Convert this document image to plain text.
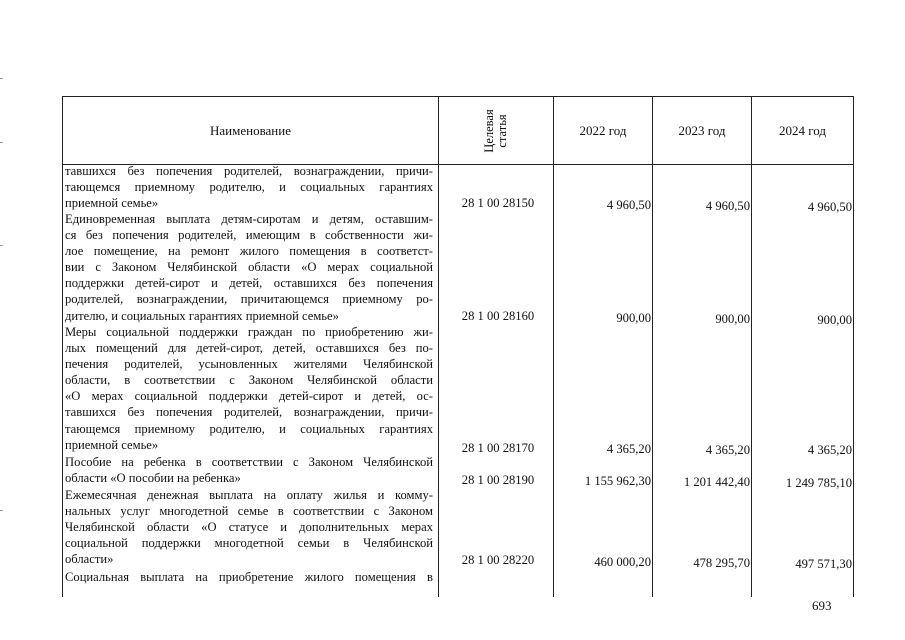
Наименование	Целевая статья	2022 год	2023 год	2024 год
тавшихся без попечения родителей, вознаграждении, причи-
тающемся приемному родителю, и социальных гарантиях
приемной семье»	28 1 00 28150	4 960,50	4 960,50	4 960,50
Единовременная выплата детям-сиротам и детям, оставшим-
ся без попечения родителей, имеющим в собственности жи-
лое помещение, на ремонт жилого помещения в соответст-
вии с Законом Челябинской области «О мерах социальной
поддержки детей-сирот и детей, оставшихся без попечения
родителей, вознаграждении, причитающемся приемному ро-
дителю, и социальных гарантиях приемной семье»	28 1 00 28160	900,00	900,00	900,00
Меры социальной поддержки граждан по приобретению жи-
лых помещений для детей-сирот, детей, оставшихся без по-
печения родителей, усыновленных жителями Челябинской
области, в соответствии с Законом Челябинской области
«О мерах социальной поддержки детей-сирот и детей, ос-
тавшихся без попечения родителей, вознаграждении, причи-
тающемся приемному родителю, и социальных гарантиях
приемной семье»	28 1 00 28170	4 365,20	4 365,20	4 365,20
Пособие на ребенка в соответствии с Законом Челябинской
области «О пособии на ребенка»	28 1 00 28190	1 155 962,30	1 201 442,40	1 249 785,10
Ежемесячная денежная выплата на оплату жилья и комму-
нальных услуг многодетной семье в соответствии с Законом
Челябинской области «О статусе и дополнительных мерах
социальной поддержки многодетной семьи в Челябинской
области»	28 1 00 28220	460 000,20	478 295,70	497 571,30
Социальная выплата на приобретение жилого помещения в
693
